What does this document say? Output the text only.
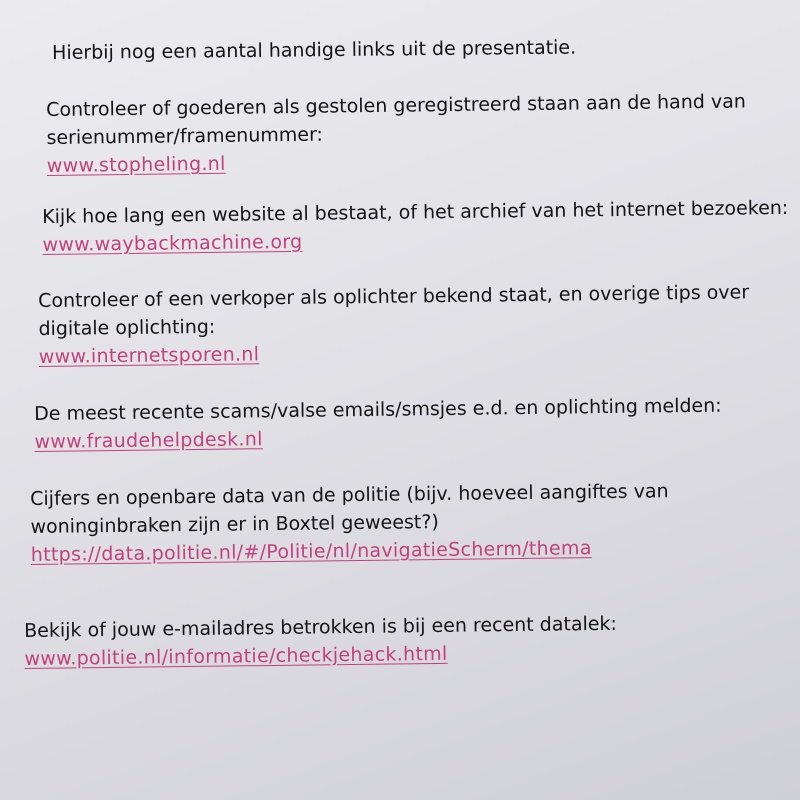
Hierbij nog een aantal handige links uit de presentatie.

Controleer of goederen als gestolen geregistreerd staan aan de hand van

serienummer/framenummer:

www.stopheling.nl

Kijk hoe lang een website al bestaat, of het archief van het internet bezoeken:

www.waybackmachine.org

Controleer of een verkoper als oplichter bekend staat, en overige tips over

digitale oplichting:

www.internetsporen.nl

De meest recente scams/valse emails/smsjes e.d. en oplichting melden:

www.fraudehelpdesk.nl

Cijfers en openbare data van de politie (bijv. hoeveel aangiftes van

woninginbraken zijn er in Boxtel geweest?)

https://data.politie.nl/#/Politie/nl/navigatieScherm/thema

Bekijk of jouw e-mailadres betrokken is bij een recent datalek:

www.politie.nl/informatie/checkjehack.html
